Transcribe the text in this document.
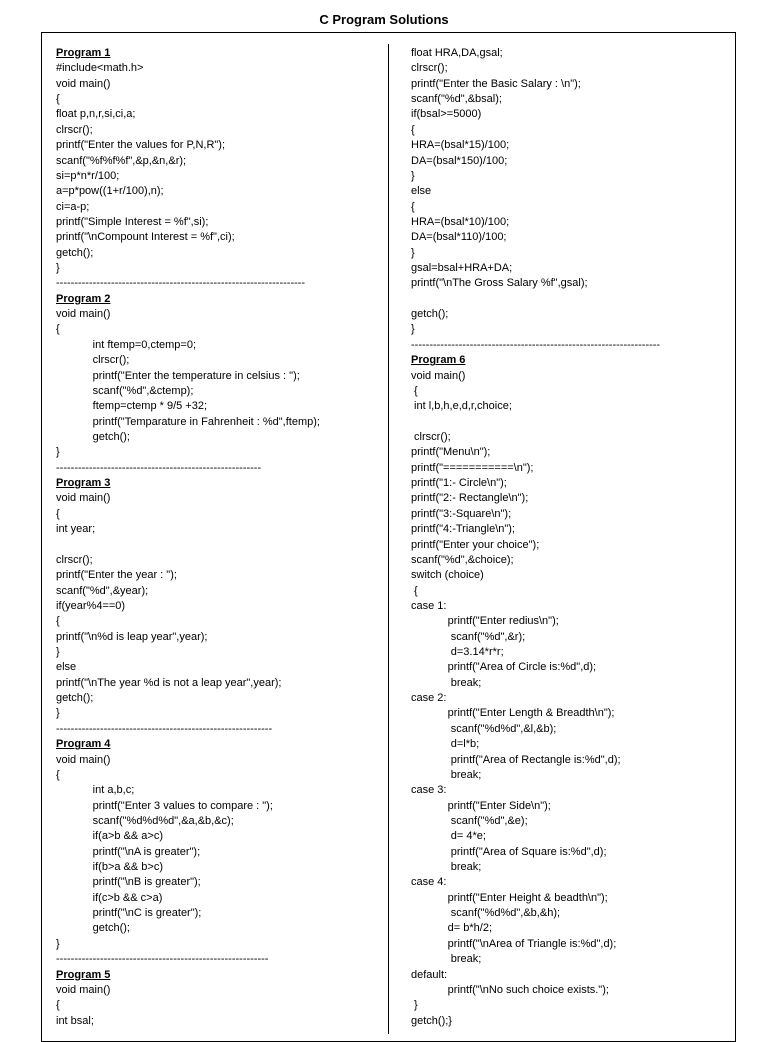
C Program Solutions
Program 1
#include<math.h>
void main()
{
float p,n,r,si,ci,a;
clrscr();
printf("Enter the values for P,N,R");
scanf("%f%f%f",&p,&n,&r);
si=p*n*r/100;
a=p*pow((1+r/100),n);
ci=a-p;
printf("Simple Interest = %f",si);
printf("\nCompount Interest = %f",ci);
getch();
}
--------------------------------------------------------------------
Program 2
void main()
{
int ftemp=0,ctemp=0;
clrscr();
printf("Enter the temperature in celsius : ");
scanf("%d",&ctemp);
ftemp=ctemp * 9/5 +32;
printf("Temparature in Fahrenheit : %d",ftemp);
getch();
}
--------------------------------------------------------
Program 3
void main()
{
int year;
clrscr();
printf("Enter the year : ");
scanf("%d",&year);
if(year%4==0)
{
printf("\n%d is leap year",year);
}
else
printf("\nThe year %d is not a leap year",year);
getch();
}
-----------------------------------------------------------
Program 4
void main()
{
int a,b,c;
printf("Enter 3 values to compare : ");
scanf("%d%d%d",&a,&b,&c);
if(a>b && a>c)
printf("\nA is greater");
if(b>a && b>c)
printf("\nB is greater");
if(c>b && c>a)
printf("\nC is greater");
getch();
}
----------------------------------------------------------
Program 5
void main()
{
int bsal;
float HRA,DA,gsal;
clrscr();
printf("Enter the Basic Salary : \n");
scanf("%d",&bsal);
if(bsal>=5000)
{
HRA=(bsal*15)/100;
DA=(bsal*150)/100;
}
else
{
HRA=(bsal*10)/100;
DA=(bsal*110)/100;
}
gsal=bsal+HRA+DA;
printf("\nThe Gross Salary %f",gsal);
getch();
}
--------------------------------------------------------------------
Program 6
void main()
{
int l,b,h,e,d,r,choice;
clrscr();
printf("Menu\n");
printf("===========\n");
printf("1:- Circle\n");
printf("2:- Rectangle\n");
printf("3:-Square\n");
printf("4:-Triangle\n");
printf("Enter your choice");
scanf("%d",&choice);
switch (choice)
{
case 1:
printf("Enter redius\n");
scanf("%d",&r);
d=3.14*r*r;
printf("Area of Circle is:%d",d);
break;
case 2:
printf("Enter Length & Breadth\n");
scanf("%d%d",&l,&b);
d=l*b;
printf("Area of Rectangle is:%d",d);
break;
case 3:
printf("Enter Side\n");
scanf("%d",&e);
d= 4*e;
printf("Area of Square is:%d",d);
break;
case 4:
printf("Enter Height & beadth\n");
scanf("%d%d",&b,&h);
d= b*h/2;
printf("\nArea of Triangle is:%d",d);
break;
default:
printf("\nNo such choice exists.");
}
getch();}
